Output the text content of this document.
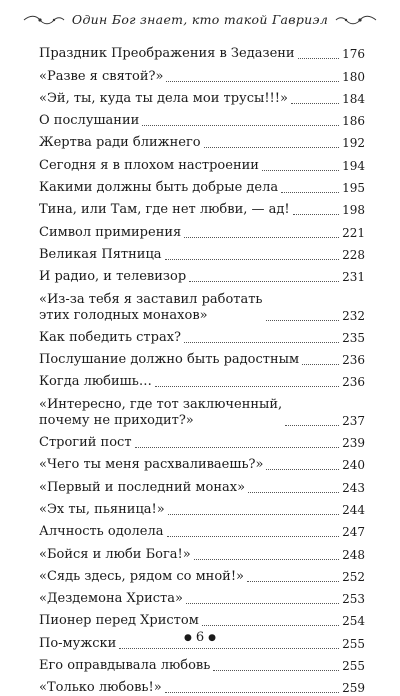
Один Бог знает, кто такой Гавриэл
Праздник Преображения в Зедазени	176
«Разве я святой?»	180
«Эй, ты, куда ты дела мои трусы!!!»	184
О послушании	186
Жертва ради ближнего	192
Сегодня я в плохом настроении	194
Какими должны быть добрые дела	195
Тина, или Там, где нет любви, — ад!	198
Символ примирения	221
Великая Пятница	228
И радио, и телевизор	231
«Из-за тебя я заставил работать
этих голодных монахов»	232
Как победить страх?	235
Послушание должно быть радостным	236
Когда любишь…	236
«Интересно, где тот заключенный,
почему не приходит?»	237
Строгий пост	239
«Чего ты меня расхваливаешь?»	240
«Первый и последний монах»	243
«Эх ты, пьяница!»	244
Алчность одолела	247
«Бойся и люби Бога!»	248
«Сядь здесь, рядом со мной!»	252
«Дездемона Христа»	253
Пионер перед Христом	254
По-мужски	255
Его оправдывала любовь	255
«Только любовь!»	259
● 6 ●
